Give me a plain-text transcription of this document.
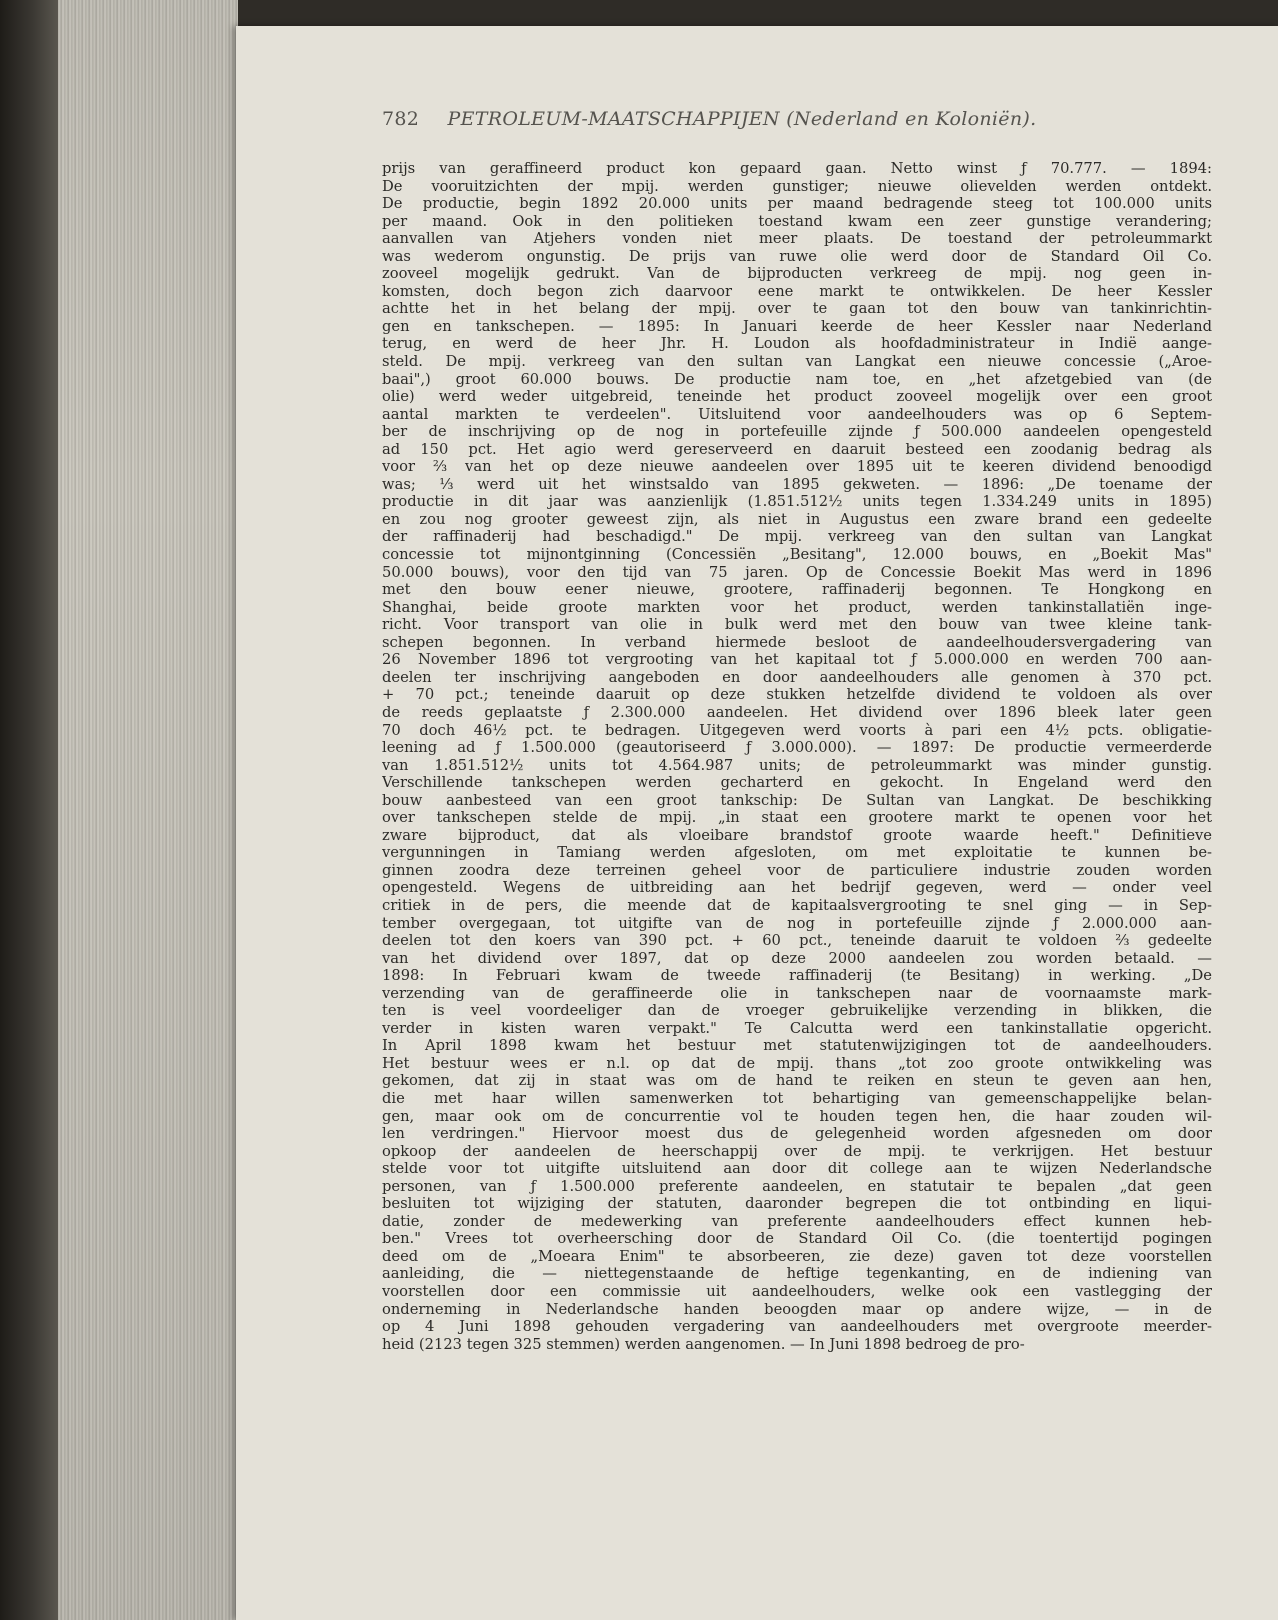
782 PETROLEUM-MAATSCHAPPIJEN (Nederland en Koloniën).
prijs van geraffineerd product kon gepaard gaan. Netto winst ƒ 70.777. — 1894:
De vooruitzichten der mpij. werden gunstiger; nieuwe olievelden werden ontdekt.
De productie, begin 1892 20.000 units per maand bedragende steeg tot 100.000 units
per maand. Ook in den politieken toestand kwam een zeer gunstige verandering;
aanvallen van Atjehers vonden niet meer plaats. De toestand der petroleummarkt
was wederom ongunstig. De prijs van ruwe olie werd door de Standard Oil Co.
zooveel mogelijk gedrukt. Van de bijproducten verkreeg de mpij. nog geen in-
komsten, doch begon zich daarvoor eene markt te ontwikkelen. De heer Kessler
achtte het in het belang der mpij. over te gaan tot den bouw van tankinrichtin-
gen en tankschepen. — 1895: In Januari keerde de heer Kessler naar Nederland
terug, en werd de heer Jhr. H. Loudon als hoofdadministrateur in Indië aange-
steld. De mpij. verkreeg van den sultan van Langkat een nieuwe concessie („Aroe-
baai",) groot 60.000 bouws. De productie nam toe, en „het afzetgebied van (de
olie) werd weder uitgebreid, teneinde het product zooveel mogelijk over een groot
aantal markten te verdeelen". Uitsluitend voor aandeelhouders was op 6 Septem-
ber de inschrijving op de nog in portefeuille zijnde ƒ 500.000 aandeelen opengesteld
ad 150 pct. Het agio werd gereserveerd en daaruit besteed een zoodanig bedrag als
voor ⅔ van het op deze nieuwe aandeelen over 1895 uit te keeren dividend benoodigd
was; ⅓ werd uit het winstsaldo van 1895 gekweten. — 1896: „De toename der
productie in dit jaar was aanzienlijk (1.851.512½ units tegen 1.334.249 units in 1895)
en zou nog grooter geweest zijn, als niet in Augustus een zware brand een gedeelte
der raffinaderij had beschadigd." De mpij. verkreeg van den sultan van Langkat
concessie tot mijnontginning (Concessiën „Besitang", 12.000 bouws, en „Boekit Mas"
50.000 bouws), voor den tijd van 75 jaren. Op de Concessie Boekit Mas werd in 1896
met den bouw eener nieuwe, grootere, raffinaderij begonnen. Te Hongkong en
Shanghai, beide groote markten voor het product, werden tankinstallatiën inge-
richt. Voor transport van olie in bulk werd met den bouw van twee kleine tank-
schepen begonnen. In verband hiermede besloot de aandeelhoudersvergadering van
26 November 1896 tot vergrooting van het kapitaal tot ƒ 5.000.000 en werden 700 aan-
deelen ter inschrijving aangeboden en door aandeelhouders alle genomen à 370 pct.
+ 70 pct.; teneinde daaruit op deze stukken hetzelfde dividend te voldoen als over
de reeds geplaatste ƒ 2.300.000 aandeelen. Het dividend over 1896 bleek later geen
70 doch 46½ pct. te bedragen. Uitgegeven werd voorts à pari een 4½ pcts. obligatie-
leening ad ƒ 1.500.000 (geautoriseerd ƒ 3.000.000). — 1897: De productie vermeerderde
van 1.851.512½ units tot 4.564.987 units; de petroleummarkt was minder gunstig.
Verschillende tankschepen werden gecharterd en gekocht. In Engeland werd den
bouw aanbesteed van een groot tankschip: De Sultan van Langkat. De beschikking
over tankschepen stelde de mpij. „in staat een grootere markt te openen voor het
zware bijproduct, dat als vloeibare brandstof groote waarde heeft." Definitieve
vergunningen in Tamiang werden afgesloten, om met exploitatie te kunnen be-
ginnen zoodra deze terreinen geheel voor de particuliere industrie zouden worden
opengesteld. Wegens de uitbreiding aan het bedrijf gegeven, werd — onder veel
critiek in de pers, die meende dat de kapitaalsvergrooting te snel ging — in Sep-
tember overgegaan, tot uitgifte van de nog in portefeuille zijnde ƒ 2.000.000 aan-
deelen tot den koers van 390 pct. + 60 pct., teneinde daaruit te voldoen ⅔ gedeelte
van het dividend over 1897, dat op deze 2000 aandeelen zou worden betaald. —
1898: In Februari kwam de tweede raffinaderij (te Besitang) in werking. „De
verzending van de geraffineerde olie in tankschepen naar de voornaamste mark-
ten is veel voordeeliger dan de vroeger gebruikelijke verzending in blikken, die
verder in kisten waren verpakt." Te Calcutta werd een tankinstallatie opgericht.
In April 1898 kwam het bestuur met statutenwijzigingen tot de aandeelhouders.
Het bestuur wees er n.l. op dat de mpij. thans „tot zoo groote ontwikkeling was
gekomen, dat zij in staat was om de hand te reiken en steun te geven aan hen,
die met haar willen samenwerken tot behartiging van gemeenschappelijke belan-
gen, maar ook om de concurrentie vol te houden tegen hen, die haar zouden wil-
len verdringen." Hiervoor moest dus de gelegenheid worden afgesneden om door
opkoop der aandeelen de heerschappij over de mpij. te verkrijgen. Het bestuur
stelde voor tot uitgifte uitsluitend aan door dit college aan te wijzen Nederlandsche
personen, van ƒ 1.500.000 preferente aandeelen, en statutair te bepalen „dat geen
besluiten tot wijziging der statuten, daaronder begrepen die tot ontbinding en liqui-
datie, zonder de medewerking van preferente aandeelhouders effect kunnen heb-
ben." Vrees tot overheersching door de Standard Oil Co. (die toentertijd pogingen
deed om de „Moeara Enim" te absorbeeren, zie deze) gaven tot deze voorstellen
aanleiding, die — niettegenstaande de heftige tegenkanting, en de indiening van
voorstellen door een commissie uit aandeelhouders, welke ook een vastlegging der
onderneming in Nederlandsche handen beoogden maar op andere wijze, — in de
op 4 Juni 1898 gehouden vergadering van aandeelhouders met overgroote meerder-
heid (2123 tegen 325 stemmen) werden aangenomen. — In Juni 1898 bedroeg de pro-
